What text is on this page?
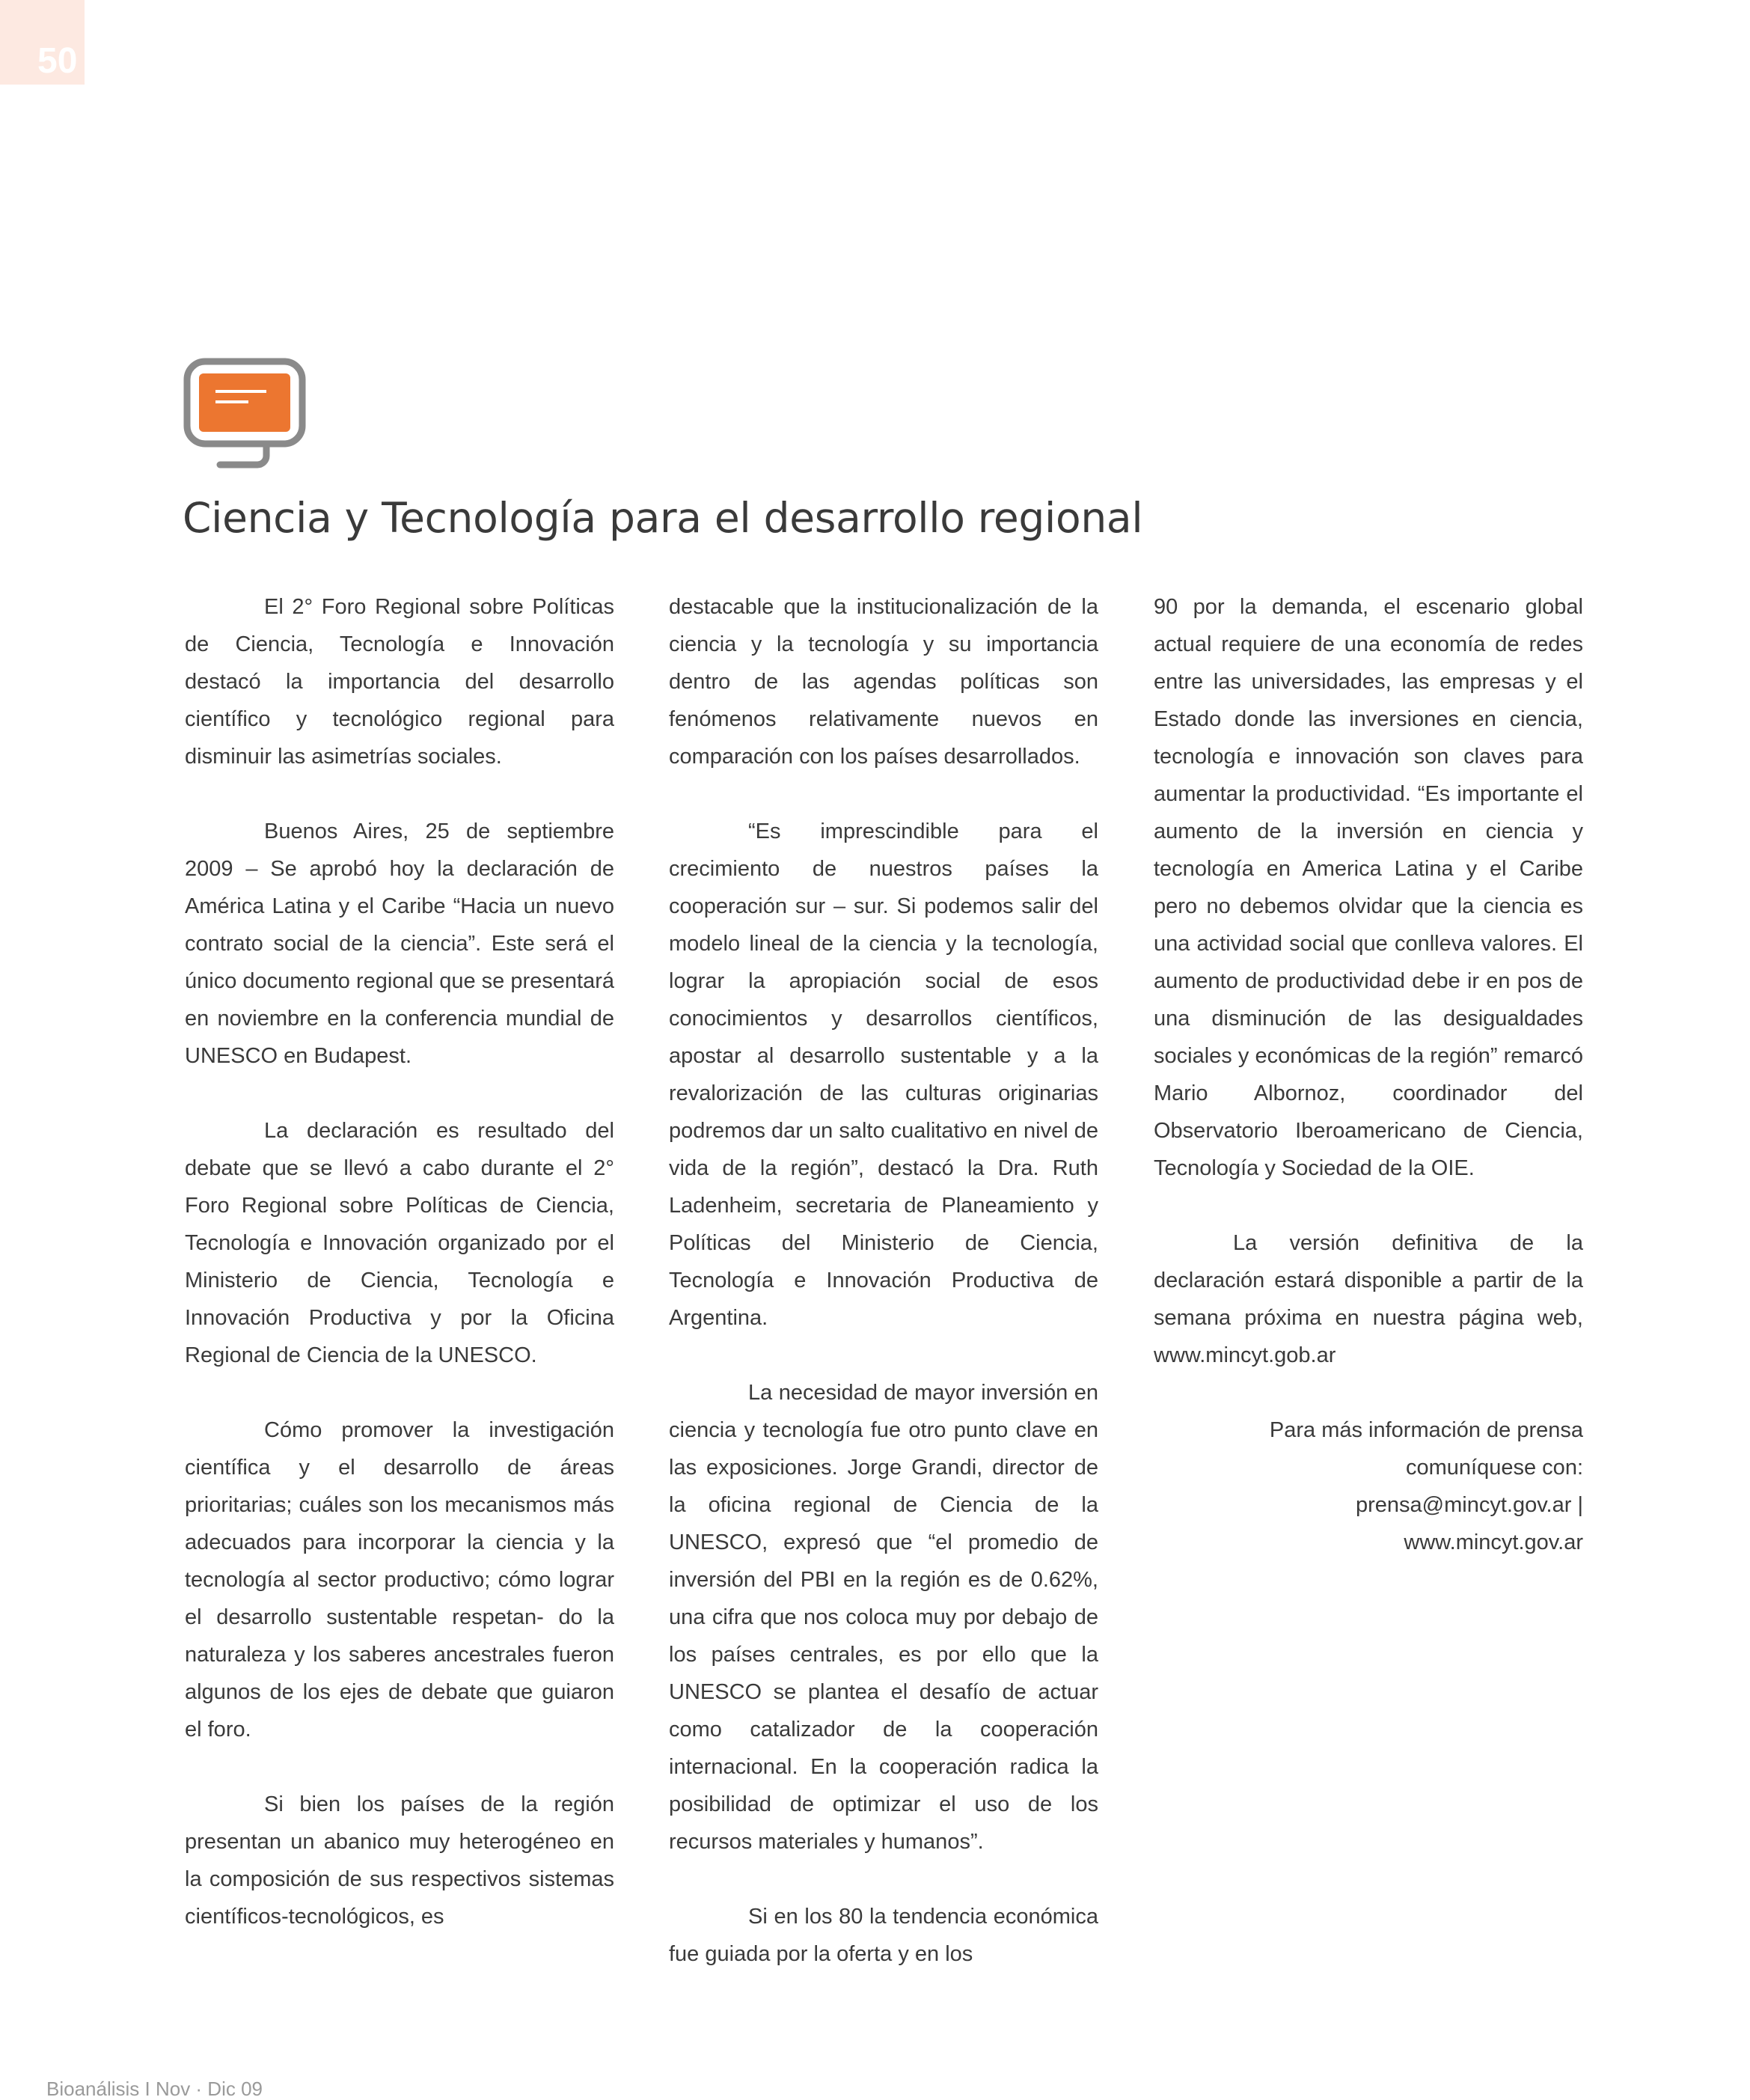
50
Ciencia y Tecnología para el desarrollo regional

El 2° Foro Regional sobre Políticas de Ciencia, Tecnología e Innovación destacó la importancia del desarrollo científico y tecnológico regional para disminuir las asimetrías sociales.

Buenos Aires, 25 de septiembre 2009 – Se aprobó hoy la declaración de América Latina y el Caribe “Hacia un nuevo contrato social de la ciencia”. Este será el único documento regional que se presentará en noviembre en la conferencia mundial de UNESCO en Budapest.

La declaración es resultado del debate que se llevó a cabo durante el 2° Foro Regional sobre Políticas de Ciencia, Tecnología e Innovación organizado por el Ministerio de Ciencia, Tecnología e Innovación Productiva y por la Oficina Regional de Ciencia de la UNESCO.

Cómo promover la investigación científica y el desarrollo de áreas prioritarias; cuáles son los mecanismos más adecuados para incorporar la ciencia y la tecnología al sector productivo; cómo lograr el desarrollo sustentable respetan- do la naturaleza y los saberes ancestrales fueron algunos de los ejes de debate que guiaron el foro.

Si bien los países de la región presentan un abanico muy heterogéneo en la composición de sus respectivos sistemas científicos-tecnológicos, es

destacable que la institucionalización de la ciencia y la tecnología y su importancia dentro de las agendas políticas son fenómenos relativamente nuevos en comparación con los países desarrollados.

“Es imprescindible para el crecimiento de nuestros países la cooperación sur – sur. Si podemos salir del modelo lineal de la ciencia y la tecnología, lograr la apropiación social de esos conocimientos y desarrollos científicos, apostar al desarrollo sustentable y a la revalorización de las culturas originarias podremos dar un salto cualitativo en nivel de vida de la región”, destacó la Dra. Ruth Ladenheim, secretaria de Planeamiento y Políticas del Ministerio de Ciencia, Tecnología e Innovación Productiva de Argentina.

La necesidad de mayor inversión en ciencia y tecnología fue otro punto clave en las exposiciones. Jorge Grandi, director de la oficina regional de Ciencia de la UNESCO, expresó que “el promedio de inversión del PBI en la región es de 0.62%, una cifra que nos coloca muy por debajo de los países centrales, es por ello que la UNESCO se plantea el desafío de actuar como catalizador de la cooperación internacional. En la cooperación radica la posibilidad de optimizar el uso de los recursos materiales y humanos”.

Si en los 80 la tendencia económica fue guiada por la oferta y en los

90 por la demanda, el escenario global actual requiere de una economía de redes entre las universidades, las empresas y el Estado donde las inversiones en ciencia, tecnología e innovación son claves para aumentar la productividad. “Es importante el aumento de la inversión en ciencia y tecnología en America Latina y el Caribe pero no debemos olvidar que la ciencia es una actividad social que conlleva valores. El aumento de productividad debe ir en pos de una disminución de las desigualdades sociales y económicas de la región” remarcó Mario Albornoz, coordinador del Observatorio Iberoamericano de Ciencia, Tecnología y Sociedad de la OIE.

La versión definitiva de la declaración estará disponible a partir de la semana próxima en nuestra página web, www.mincyt.gob.ar

Para más información de prensa
comuníquese con:
prensa@mincyt.gov.ar |
www.mincyt.gov.ar
Bioanálisis I Nov · Dic 09
